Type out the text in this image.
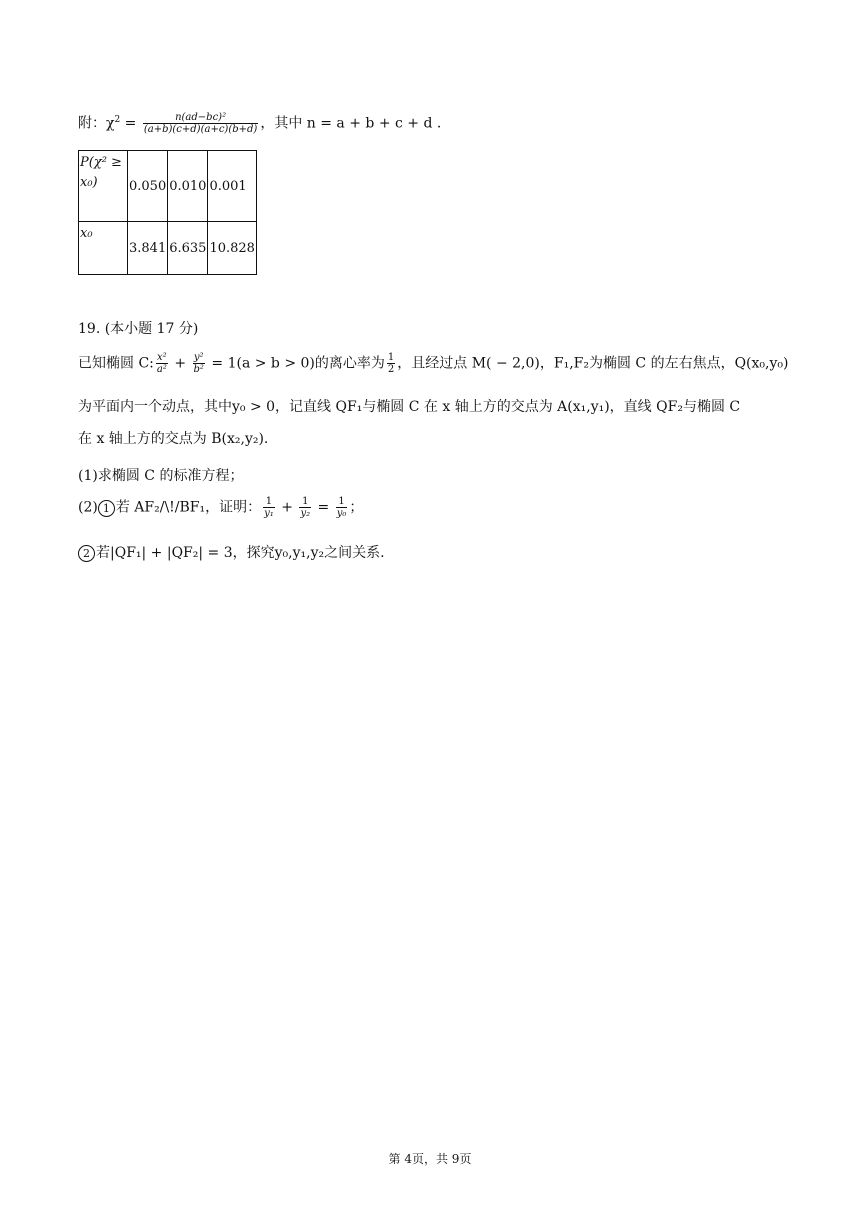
附：$\chi^2 = \frac{\text{n(ad−bc)²}}{(a+b)(c+d)(a+c)(b+d)}$ ，其中 n = a + b + c + d .
P(χ² ≥ x₀)	0.050	0.010	0.001
x₀	3.841	6.635	10.828
19. (本小题 17 分)
已知椭圆 C: $\frac{\text{x²}}{\text{a²}} + \frac{\text{y²}}{\text{b²}} = 1(a > b > 0)$的离心率为 $\frac{1}{2}$ ，且经过点 M( − 2,0)，F₁,F₂为椭圆 C 的左右焦点，Q(x₀,y₀)
为平面内一个动点，其中y₀ > 0，记直线 QF₁与椭圆 C 在 x 轴上方的交点为 A(x₁,y₁)，直线 QF₂与椭圆 C
在 x 轴上方的交点为 B(x₂,y₂).
(1)求椭圆 C 的标准方程；
(2) 1 若 AF₂/\!/BF₁，证明： $\frac{1}{\text{y₁}} + \frac{1}{\text{y₂}} = \frac{1}{\text{y₀}}$ ；
2 若|QF₁| + |QF₂| = 3，探究y₀,y₁,y₂之间关系.
第 4页，共 9页
